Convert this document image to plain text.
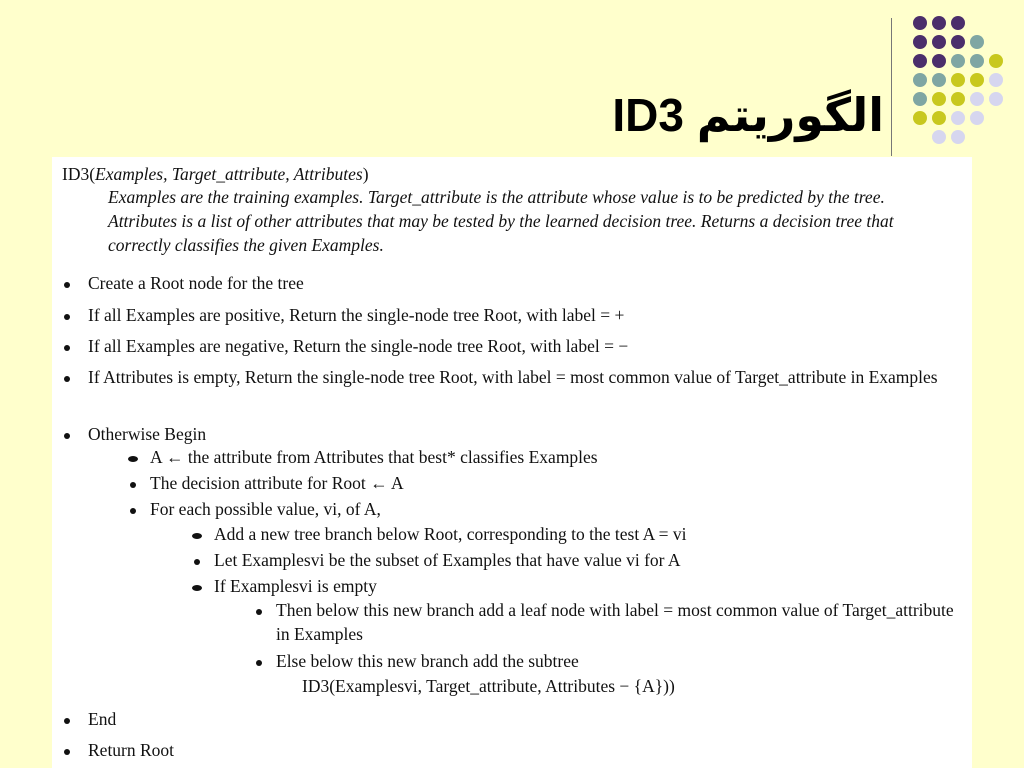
ID3 الگوریتم
ID3(Examples, Target_attribute, Attributes)
Examples are the training examples. Target_attribute is the attribute whose value is to be predicted by the tree. Attributes is a list of other attributes that may be tested by the learned decision tree. Returns a decision tree that correctly classifies the given Examples.
Create a Root node for the tree
If all Examples are positive, Return the single-node tree Root, with label = +
If all Examples are negative, Return the single-node tree Root, with label = −
If Attributes is empty, Return the single-node tree Root, with label = most common value of Target_attribute in Examples
Otherwise Begin
A ← the attribute from Attributes that best* classifies Examples
The decision attribute for Root ← A
For each possible value, vi, of A,
Add a new tree branch below Root, corresponding to the test A = vi
Let Examplesvi be the subset of Examples that have value vi for A
If Examplesvi is empty
Then below this new branch add a leaf node with label = most common value of Target_attribute in Examples
Else below this new branch add the subtree
ID3(Examplesvi, Target_attribute, Attributes − {A}))
End
Return Root
